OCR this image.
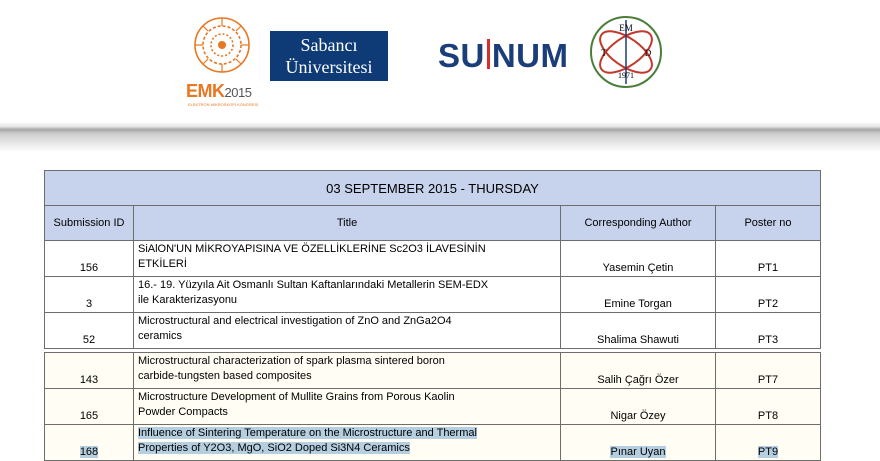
EMK2015
ELEKTRON MİKROSKOPİ KONGRESİ
Sabancı
Üniversitesi	SU NUM
EM
T	D
1971
03 SEPTEMBER 2015 - THURSDAY			
Submission ID	Title	Corresponding Author	Poster no
156	SiAlON'UN MİKROYAPISINA VE ÖZELLİKLERİNE Sc2O3 İLAVESİNİN
ETKİLERİ	Yasemin Çetin	PT1
3	16.- 19. Yüzyıla Ait Osmanlı Sultan Kaftanlarındaki Metallerin SEM-EDX
ile Karakterizasyonu	Emine Torgan	PT2
52	Microstructural and electrical investigation of ZnO and ZnGa2O4
ceramics	Shalima Shawuti	PT3

143	Microstructural characterization of spark plasma sintered boron
carbide-tungsten based composites	Salih Çağrı Özer	PT7
165	Microstructure Development of Mullite Grains from Porous Kaolin
Powder Compacts	Nigar Özey	PT8
168	Influence of Sintering Temperature on the Microstructure and Thermal
Properties of Y2O3, MgO, SiO2 Doped Si3N4 Ceramics	Pınar Uyan	PT9
